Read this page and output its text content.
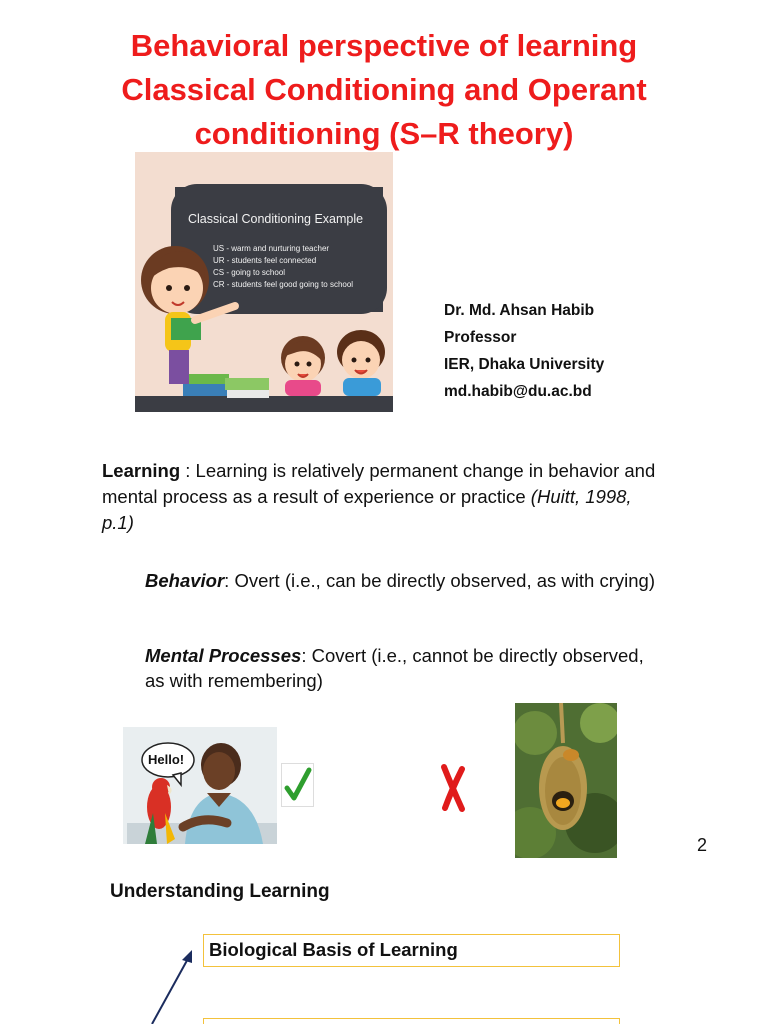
Behavioral perspective of learning
Classical Conditioning and Operant
conditioning (S–R theory)
Classical Conditioning Example
US - warm and nurturing teacher
UR - students feel connected
CS - going to school
CR - students feel good going to school
Dr. Md. Ahsan Habib
Professor
IER, Dhaka University
md.habib@du.ac.bd
Learning : Learning is relatively permanent change in behavior and mental process as a result of experience or practice (Huitt, 1998, p.1)
Behavior: Overt (i.e., can be directly observed, as with crying)
Mental Processes: Covert (i.e., cannot be directly observed, as with remembering)
Hello!
2
Understanding Learning
Biological Basis of Learning
